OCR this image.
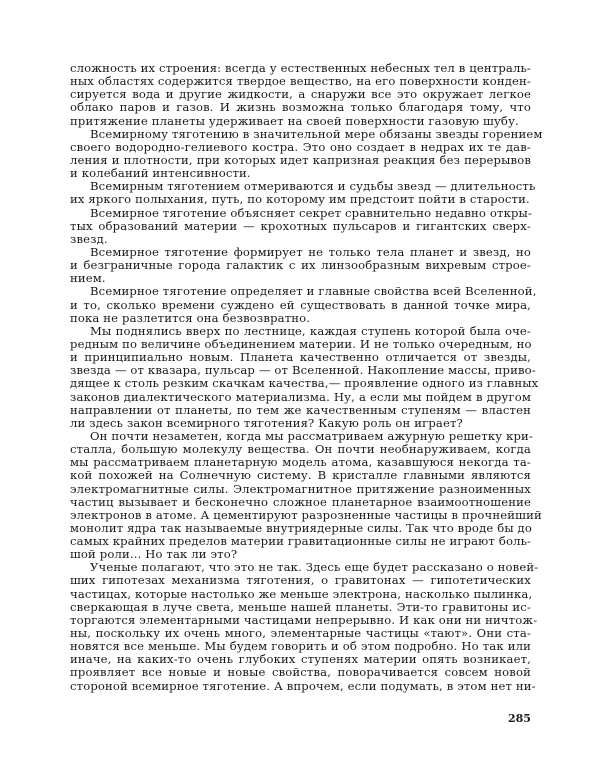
сложность их строения: всегда у естественных небесных тел в централь-
ных областях содержится твердое вещество, на его поверхности конден-
сируется вода и другие жидкости, а снаружи все это окружает легкое
облако паров и газов. И жизнь возможна только благодаря тому, что
притяжение планеты удерживает на своей поверхности газовую шубу.
Всемирному тяготению в значительной мере обязаны звезды горением
своего водородно-гелиевого костра. Это оно создает в недрах их те дав-
ления и плотности, при которых идет капризная реакция без перерывов
и колебаний интенсивности.
Всемирным тяготением отмериваются и судьбы звезд — длительность
их яркого полыхания, путь, по которому им предстоит пойти в старости.
Всемирное тяготение объясняет секрет сравнительно недавно откры-
тых образований материи — крохотных пульсаров и гигантских сверх-
звезд.
Всемирное тяготение формирует не только тела планет и звезд, но
и безграничные города галактик с их линзообразным вихревым строе-
нием.
Всемирное тяготение определяет и главные свойства всей Вселенной,
и то, сколько времени суждено ей существовать в данной точке мира,
пока не разлетится она безвозвратно.
Мы поднялись вверх по лестнице, каждая ступень которой была оче-
редным по величине объединением материи. И не только очередным, но
и принципиально новым. Планета качественно отличается от звезды,
звезда — от квазара, пульсар — от Вселенной. Накопление массы, приво-
дящее к столь резким скачкам качества,— проявление одного из главных
законов диалектического материализма. Ну, а если мы пойдем в другом
направлении от планеты, по тем же качественным ступеням — властен
ли здесь закон всемирного тяготения? Какую роль он играет?
Он почти незаметен, когда мы рассматриваем ажурную решетку кри-
сталла, большую молекулу вещества. Он почти необнаруживаем, когда
мы рассматриваем планетарную модель атома, казавшуюся некогда та-
кой похожей на Солнечную систему. В кристалле главными являются
электромагнитные силы. Электромагнитное притяжение разноименных
частиц вызывает и бесконечно сложное планетарное взаимоотношение
электронов в атоме. А цементируют разрозненные частицы в прочнейший
монолит ядра так называемые внутриядерные силы. Так что вроде бы до
самых крайних пределов материи гравитационные силы не играют боль-
шой роли... Но так ли это?
Ученые полагают, что это не так. Здесь еще будет рассказано о новей-
ших гипотезах механизма тяготения, о гравитонах — гипотетических
частицах, которые настолько же меньше электрона, насколько пылинка,
сверкающая в луче света, меньше нашей планеты. Эти-то гравитоны ис-
торгаются элементарными частицами непрерывно. И как они ни ничтож-
ны, поскольку их очень много, элементарные частицы «тают». Они ста-
новятся все меньше. Мы будем говорить и об этом подробно. Но так или
иначе, на каких-то очень глубоких ступенях материи опять возникает,
проявляет все новые и новые свойства, поворачивается совсем новой
стороной всемирное тяготение. А впрочем, если подумать, в этом нет ни-
285
